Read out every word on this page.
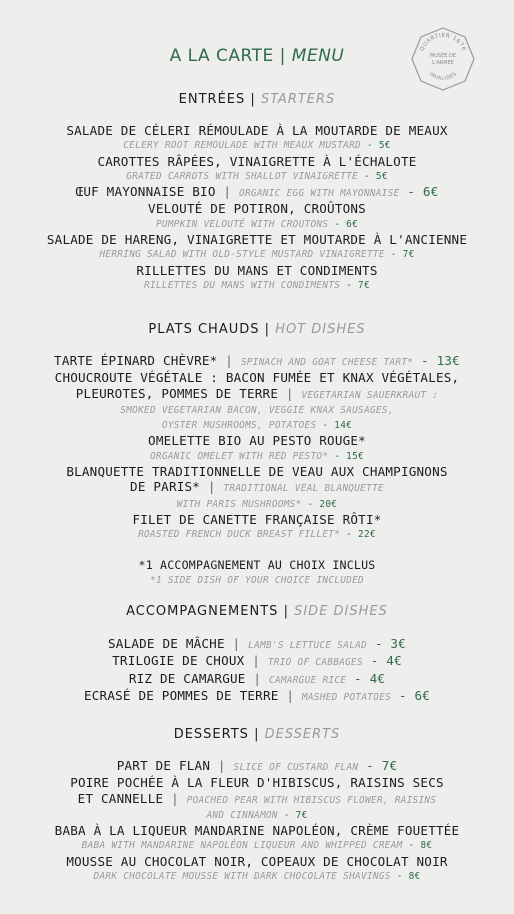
A LA CARTE | MENU	QUARTIER 1676
MUSÉE DE
L'ARMÉE
INVALIDES
ENTRÉES | STARTERS
SALADE DE CÉLERI RÉMOULADE À LA MOUTARDE DE MEAUX
CELERY ROOT REMOULADE WITH MEAUX MUSTARD - 5€
CAROTTES RÂPÉES, VINAIGRETTE À L'ÉCHALOTE
GRATED CARROTS WITH SHALLOT VINAIGRETTE - 5€
ŒUF MAYONNAISE BIO | ORGANIC EGG WITH MAYONNAISE - 6€
VELOUTÉ DE POTIRON, CROÛTONS
PUMPKIN VELOUTÉ WITH CROUTONS - 6€
SALADE DE HARENG, VINAIGRETTE ET MOUTARDE À L'ANCIENNE
HERRING SALAD WITH OLD-STYLE MUSTARD VINAIGRETTE - 7€
RILLETTES DU MANS ET CONDIMENTS
RILLETTES DU MANS WITH CONDIMENTS - 7€
PLATS CHAUDS | HOT DISHES
TARTE ÉPINARD CHÈVRE* | SPINACH AND GOAT CHEESE TART* - 13€
CHOUCROUTE VÉGÉTALE : BACON FUMÉE ET KNAX VÉGÉTALES,
PLEUROTES, POMMES DE TERRE | VEGETARIAN SAUERKRAUT :
SMOKED VEGETARIAN BACON, VEGGIE KNAX SAUSAGES,
OYSTER MUSHROOMS, POTATOES - 14€
OMELETTE BIO AU PESTO ROUGE*
ORGANIC OMELET WITH RED PESTO* - 15€
BLANQUETTE TRADITIONNELLE DE VEAU AUX CHAMPIGNONS
DE PARIS* | TRADITIONAL VEAL BLANQUETTE
WITH PARIS MUSHROOMS* - 20€
FILET DE CANETTE FRANÇAISE RÔTI*
ROASTED FRENCH DUCK BREAST FILLET* - 22€
*1 ACCOMPAGNEMENT AU CHOIX INCLUS
*1 SIDE DISH OF YOUR CHOICE INCLUDED
ACCOMPAGNEMENTS | SIDE DISHES
SALADE DE MÂCHE | LAMB'S LETTUCE SALAD - 3€
TRILOGIE DE CHOUX | TRIO OF CABBAGES - 4€
RIZ DE CAMARGUE | CAMARGUE RICE - 4€
ECRASÉ DE POMMES DE TERRE | MASHED POTATOES - 6€
DESSERTS | DESSERTS
PART DE FLAN | SLICE OF CUSTARD FLAN - 7€
POIRE POCHÉE À LA FLEUR D'HIBISCUS, RAISINS SECS
ET CANNELLE | POACHED PEAR WITH HIBISCUS FLOWER, RAISINS
AND CINNAMON - 7€
BABA À LA LIQUEUR MANDARINE NAPOLÉON, CRÈME FOUETTÉE
BABA WITH MANDARINE NAPOLÉON LIQUEUR AND WHIPPED CREAM - 8€
MOUSSE AU CHOCOLAT NOIR, COPEAUX DE CHOCOLAT NOIR
DARK CHOCOLATE MOUSSE WITH DARK CHOCOLATE SHAVINGS - 8€
